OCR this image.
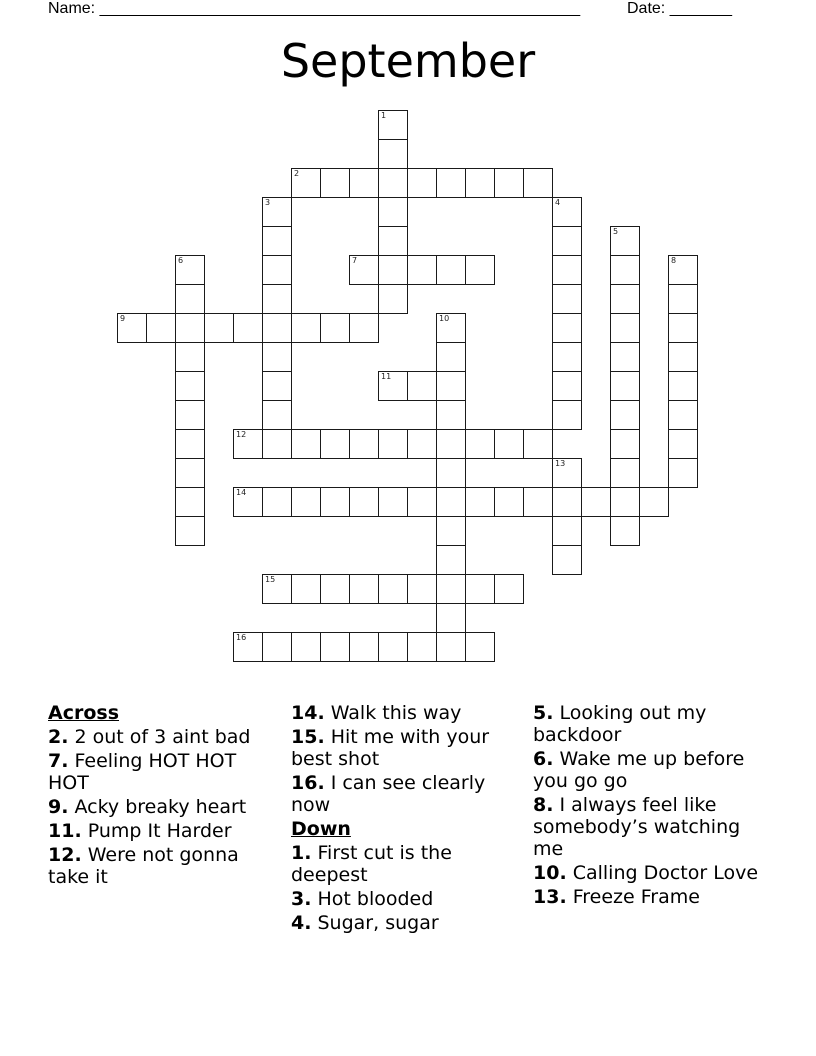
Name: ______________________________________________________	Date: _______
September
1
2
3	4
5
6	7	8
9	10
11
12
13
14
15
16
Across
2. 2 out of 3 aint bad
7. Feeling HOT HOT HOT
9. Acky breaky heart
11. Pump It Harder
12. Were not gonna take it
14. Walk this way
15. Hit me with your best shot
16. I can see clearly now
Down
1. First cut is the deepest
3. Hot blooded
4. Sugar, sugar
5. Looking out my backdoor
6. Wake me up before you go go
8. I always feel like somebody’s watching me
10. Calling Doctor Love
13. Freeze Frame
